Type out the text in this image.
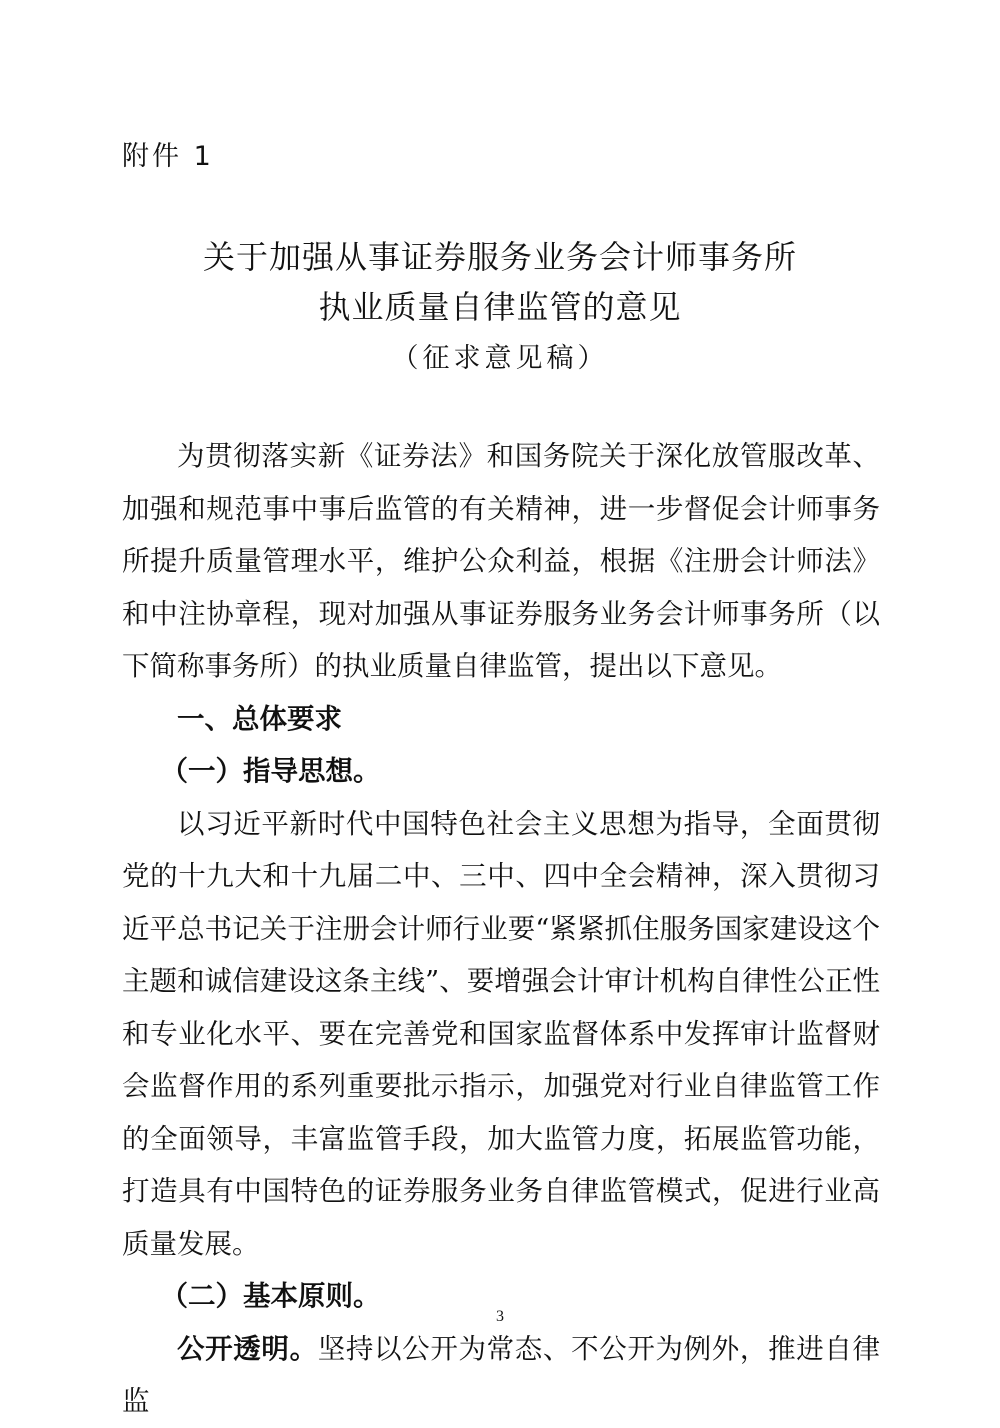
附件 1
关于加强从事证券服务业务会计师事务所
执业质量自律监管的意见
（征求意见稿）

为贯彻落实新《证券法》和国务院关于深化放管服改革、加强和规范事中事后监管的有关精神，进一步督促会计师事务所提升质量管理水平，维护公众利益，根据《注册会计师法》和中注协章程，现对加强从事证券服务业务会计师事务所（以下简称事务所）的执业质量自律监管，提出以下意见。

一、总体要求

（一）指导思想。

以习近平新时代中国特色社会主义思想为指导，全面贯彻党的十九大和十九届二中、三中、四中全会精神，深入贯彻习近平总书记关于注册会计师行业要“紧紧抓住服务国家建设这个主题和诚信建设这条主线”、要增强会计审计机构自律性公正性和专业化水平、要在完善党和国家监督体系中发挥审计监督财会监督作用的系列重要批示指示，加强党对行业自律监管工作的全面领导，丰富监管手段，加大监管力度，拓展监管功能，打造具有中国特色的证券服务业务自律监管模式，促进行业高质量发展。

（二）基本原则。

公开透明。坚持以公开为常态、不公开为例外，推进自律监

3
